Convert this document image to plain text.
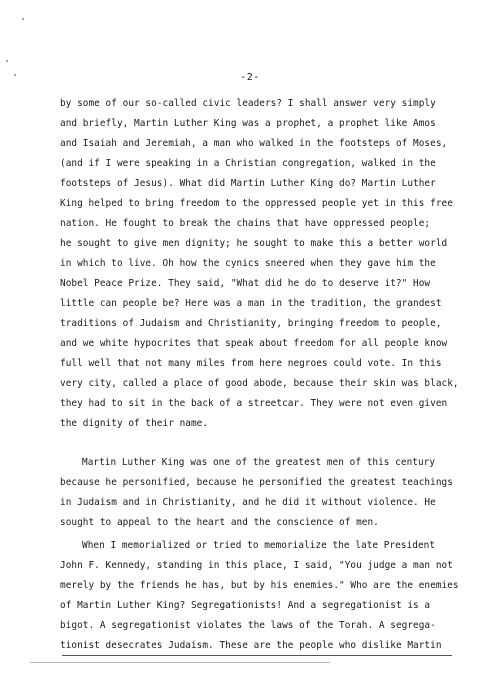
-2-
by some of our so-called civic leaders? I shall answer very simply
and briefly, Martin Luther King was a prophet, a prophet like Amos
and Isaiah and Jeremiah, a man who walked in the footsteps of Moses,
(and if I were speaking in a Christian congregation, walked in the
footsteps of Jesus). What did Martin Luther King do? Martin Luther
King helped to bring freedom to the oppressed people yet in this free
nation. He fought to break the chains that have oppressed people;
he sought to give men dignity; he sought to make this a better world
in which to live. Oh how the cynics sneered when they gave him the
Nobel Peace Prize. They said, "What did he do to deserve it?" How
little can people be? Here was a man in the tradition, the grandest
traditions of Judaism and Christianity, bringing freedom to people,
and we white hypocrites that speak about freedom for all people know
full well that not many miles from here negroes could vote. In this
very city, called a place of good abode, because their skin was black,
they had to sit in the back of a streetcar. They were not even given
the dignity of their name.
Martin Luther King was one of the greatest men of this century
because he personified, because he personified the greatest teachings
in Judaism and in Christianity, and he did it without violence. He
sought to appeal to the heart and the conscience of men.
When I memorialized or tried to memorialize the late President
John F. Kennedy, standing in this place, I said, "You judge a man not
merely by the friends he has, but by his enemies." Who are the enemies
of Martin Luther King? Segregationists! And a segregationist is a
bigot. A segregationist violates the laws of the Torah. A segrega-
tionist desecrates Judaism. These are the people who dislike Martin
